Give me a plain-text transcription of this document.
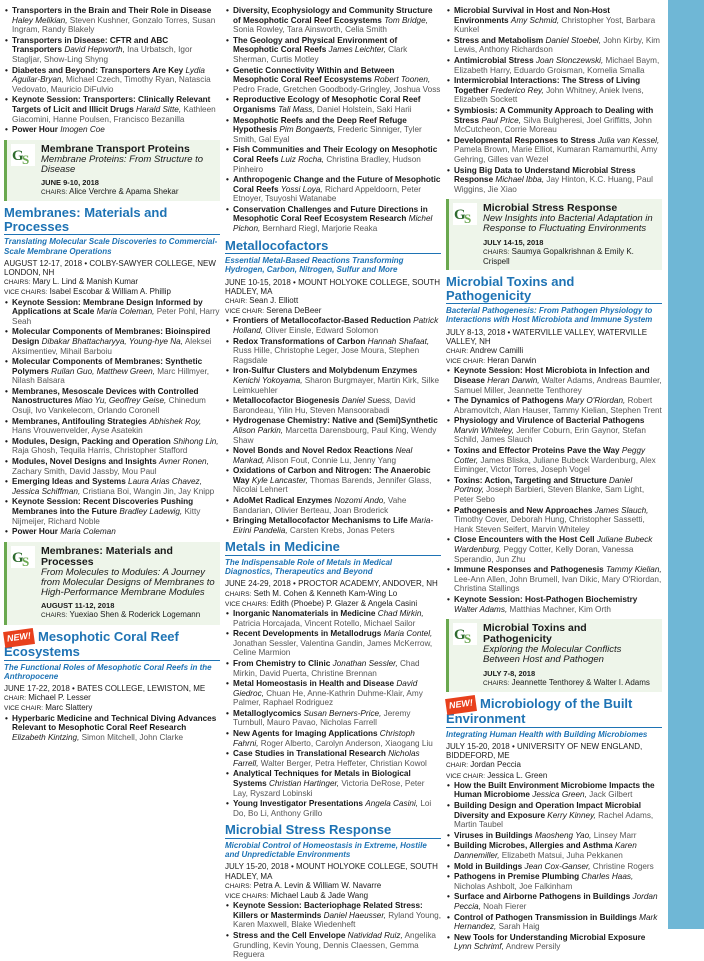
• Transporters in the Brain and Their Role in Disease Haley Melikian, Steven Kushner, Gonzalo Torres, Susan Ingram, Randy Blakely
• Transporters in Disease: CFTR and ABC Transporters David Hepworth, Ina Urbatsch, Igor Stagljar, Show-Ling Shyng
• Diabetes and Beyond: Transporters Are Key Lydia Aguilar-Bryan, Michael Czech, Timothy Ryan, Natascia Vedovato, Mauricio DiFulvio
• Keynote Session: Transporters: Clinically Relevant Targets of Licit and Illicit Drugs Harald Sitte, Kathleen Giacomini, Hanne Poulsen, Francisco Bezanilla
• Power Hour Imogen Coe
G
S
Membrane Transport Proteins
Membrane Proteins: From Structure to Disease
JUNE 9-10, 2018
CHAIRS: Alice Verchre & Apama Shekar
Membranes: Materials and Processes
Translating Molecular Scale Discoveries to Commercial-Scale Membrane Operations
AUGUST 12-17, 2018 • COLBY-SAWYER COLLEGE, NEW LONDON, NH
CHAIRS: Mary L. Lind & Manish Kumar
VICE CHAIRS: Isabel Escobar & William A. Phillip
• Keynote Session: Membrane Design Informed by Applications at Scale Maria Coleman, Peter Pohl, Harry Seah
• Molecular Components of Membranes: Bioinspired Design Dibakar Bhattacharyya, Young-hye Na, Aleksei Aksimentiev, Mihail Barboiu
• Molecular Components of Membranes: Synthetic Polymers Ruilan Guo, Matthew Green, Marc Hillmyer, Nilash Balsara
• Membranes, Mesoscale Devices with Controlled Nanostructures Miao Yu, Geoffrey Geise, Chinedum Osuji, Ivo Vankelecom, Orlando Coronell
• Membranes, Antifouling Strategies Abhishek Roy, Hans Vrouwenvelder, Ayse Asatekin
• Modules, Design, Packing and Operation Shihong Lin, Raja Ghosh, Tequila Harris, Christopher Stafford
• Modules, Novel Designs and Insights Avner Ronen, Zachary Smith, David Jassby, Mou Paul
• Emerging Ideas and Systems Laura Arias Chavez, Jessica Schiffman, Cristiana Boi, Wangin Jin, Jay Knipp
• Keynote Session: Recent Discoveries Pushing Membranes into the Future Bradley Ladewig, Kitty Nijmeijer, Richard Noble
• Power Hour Maria Coleman
G
S
Membranes: Materials and Processes
From Molecules to Modules: A Journey from Molecular Designs of Membranes to High-Performance Membrane Modules
AUGUST 11-12, 2018
CHAIRS: Yuexiao Shen & Roderick Logemann
NEW! Mesophotic Coral Reef Ecosystems
The Functional Roles of Mesophotic Coral Reefs in the Anthropocene
JUNE 17-22, 2018 • BATES COLLEGE, LEWISTON, ME
CHAIR: Michael P. Lesser
VICE CHAIR: Marc Slattery
• Hyperbaric Medicine and Technical Diving Advances Relevant to Mesophotic Coral Reef Research Elizabeth Kintzing, Simon Mitchell, John Clarke
• Diversity, Ecophysiology and Community Structure of Mesophotic Coral Reef Ecosystems Tom Bridge, Sonia Rowley, Tara Ainsworth, Celia Smith
• The Geology and Physical Environment of Mesophotic Coral Reefs James Leichter, Clark Sherman, Curtis Motley
• Genetic Connectivity Within and Between Mesophotic Coral Reef Ecosystems Robert Toonen, Pedro Frade, Gretchen Goodbody-Gringley, Joshua Voss
• Reproductive Ecology of Mesophotic Coral Reef Organisms Tali Mass, Daniel Holstein, Saki Harii
• Mesophotic Reefs and the Deep Reef Refuge Hypothesis Pim Bongaerts, Frederic Sinniger, Tyler Smith, Gal Eyal
• Fish Communities and Their Ecology on Mesophotic Coral Reefs Luiz Rocha, Christina Bradley, Hudson Pinheiro
• Anthropogenic Change and the Future of Mesophotic Coral Reefs Yossi Loya, Richard Appeldoorn, Peter Etnoyer, Tsuyoshi Watanabe
• Conservation Challenges and Future Directions in Mesophotic Coral Reef Ecosystem Research Michel Pichon, Bernhard Riegl, Marjorie Reaka
Metallocofactors
Essential Metal-Based Reactions Transforming Hydrogen, Carbon, Nitrogen, Sulfur and More
JUNE 10-15, 2018 • MOUNT HOLYOKE COLLEGE, SOUTH HADLEY, MA
CHAIR: Sean J. Elliott
VICE CHAIR: Serena DeBeer
• Frontiers of Metallocofactor-Based Reduction Patrick Holland, Oliver Einsle, Edward Solomon
• Redox Transformations of Carbon Hannah Shafaat, Russ Hille, Christophe Leger, Jose Moura, Stephen Ragsdale
• Iron-Sulfur Clusters and Molybdenum Enzymes Kenichi Yokoyama, Sharon Burgmayer, Martin Kirk, Silke Leimkuehler
• Metallocofactor Biogenesis Daniel Suess, David Barondeau, Yilin Hu, Steven Mansoorabadi
• Hydrogenase Chemistry: Native and (Semi)Synthetic Alison Parkin, Marcetta Darensbourg, Paul King, Wendy Shaw
• Novel Bonds and Novel Redox Reactions Neal Mankad, Alison Fout, Connie Lu, Jenny Yang
• Oxidations of Carbon and Nitrogen: The Anaerobic Way Kyle Lancaster, Thomas Barends, Jennifer Glass, Nicolai Lehnert
• AdoMet Radical Enzymes Nozomi Ando, Vahe Bandarian, Olivier Berteau, Joan Broderick
• Bringing Metallocofactor Mechanisms to Life Maria-Eirini Pandelia, Carsten Krebs, Jonas Peters
Metals in Medicine
The Indispensable Role of Metals in Medical Diagnostics, Therapeutics and Beyond
JUNE 24-29, 2018 • PROCTOR ACADEMY, ANDOVER, NH
CHAIRS: Seth M. Cohen & Kenneth Kam-Wing Lo
VICE CHAIRS: Edith (Phoebe) P. Glazer & Angela Casini
• Inorganic Nanomaterials in Medicine Chad Mirkin, Patricia Horcajada, Vincent Rotello, Michael Sailor
• Recent Developments in Metallodrugs Maria Contel, Jonathan Sessler, Valentina Gandin, James McKerrow, Celine Marmion
• From Chemistry to Clinic Jonathan Sessler, Chad Mirkin, David Puerta, Christine Brennan
• Metal Homeostasis in Health and Disease David Giedroc, Chuan He, Anne-Kathrin Duhme-Klair, Amy Palmer, Raphael Rodriguez
• Metalloglycomics Susan Berners-Price, Jeremy Turnbull, Mauro Pavao, Nicholas Farrell
• New Agents for Imaging Applications Christoph Fahrni, Roger Alberto, Carolyn Anderson, Xiaogang Liu
• Case Studies in Translational Research Nicholas Farrell, Walter Berger, Petra Heffeter, Christian Kowol
• Analytical Techniques for Metals in Biological Systems Christian Hartinger, Victoria DeRose, Peter Lay, Ryszard Lobinski
• Young Investigator Presentations Angela Casini, Loi Do, Bo Li, Anthony Grillo
Microbial Stress Response
Microbial Control of Homeostasis in Extreme, Hostile and Unpredictable Environments
JULY 15-20, 2018 • MOUNT HOLYOKE COLLEGE, SOUTH HADLEY, MA
CHAIRS: Petra A. Levin & William W. Navarre
VICE CHAIRS: Michael Laub & Jade Wang
• Keynote Session: Bacteriophage Related Stress: Killers or Masterminds Daniel Haeusser, Ryland Young, Karen Maxwell, Blake Wiedenheft
• Stress and the Cell Envelope Natividad Ruiz, Angelika Grundling, Kevin Young, Dennis Claessen, Gemma Reguera
• Microbial Survival in Host and Non-Host Environments Amy Schmid, Christopher Yost, Barbara Kunkel
• Stress and Metabolism Daniel Stoebel, John Kirby, Kim Lewis, Anthony Richardson
• Antimicrobial Stress Joan Slonczewski, Michael Baym, Elizabeth Harry, Eduardo Groisman, Kornelia Smalla
• Intermicrobial Interactions: The Stress of Living Together Frederico Rey, John Whitney, Aniek Ivens, Elizabeth Sockett
• Symbiosis: A Community Approach to Dealing with Stress Paul Price, Silva Bulgheresi, Joel Griffitts, John McCutcheon, Corrie Moreau
• Developmental Responses to Stress Julia van Kessel, Pamela Brown, Marie Elliot, Kumaran Ramamurthi, Amy Gehring, Gilles van Wezel
• Using Big Data to Understand Microbial Stress Response Michael Ibba, Jay Hinton, K.C. Huang, Paul Wiggins, Jie Xiao
G
S
Microbial Stress Response
New Insights into Bacterial Adaptation in Response to Fluctuating Environments
JULY 14-15, 2018
CHAIRS: Saumya Gopalkrishnan & Emily K. Crispell
Microbial Toxins and Pathogenicity
Bacterial Pathogenesis: From Pathogen Physiology to Interactions with Host Microbiota and Immune System
JULY 8-13, 2018 • WATERVILLE VALLEY, WATERVILLE VALLEY, NH
CHAIR: Andrew Camilli
VICE CHAIR: Heran Darwin
• Keynote Session: Host Microbiota in Infection and Disease Heran Darwin, Walter Adams, Andreas Baumler, Samuel Miller, Jeannette Tenthorey
• The Dynamics of Pathogens Mary O'Riordan, Robert Abramovitch, Alan Hauser, Tammy Kielian, Stephen Trent
• Physiology and Virulence of Bacterial Pathogens Marvin Whiteley, Jenifer Coburn, Erin Gaynor, Stefan Schild, James Slauch
• Toxins and Effector Proteins Pave the Way Peggy Cotter, James Bliska, Juliane Bubeck Wardenburg, Alex Eiminger, Victor Torres, Joseph Vogel
• Toxins: Action, Targeting and Structure Daniel Portnoy, Joseph Barbieri, Steven Blanke, Sam Light, Peter Sebo
• Pathogenesis and New Approaches James Slauch, Timothy Cover, Deborah Hung, Christopher Sassetti, Hank Steven Seifert, Marvin Whiteley
• Close Encounters with the Host Cell Juliane Bubeck Wardenburg, Peggy Cotter, Kelly Doran, Vanessa Sperandio, Jun Zhu
• Immune Responses and Pathogenesis Tammy Kielian, Lee-Ann Allen, John Brumell, Ivan Dikic, Mary O'Riordan, Christina Stallings
• Keynote Session: Host-Pathogen Biochemistry Walter Adams, Matthias Machner, Kim Orth
G
S
Microbial Toxins and Pathogenicity
Exploring the Molecular Conflicts Between Host and Pathogen
JULY 7-8, 2018
CHAIRS: Jeannette Tenthorey & Walter I. Adams
NEW! Microbiology of the Built Environment
Integrating Human Health with Building Microbiomes
JULY 15-20, 2018 • UNIVERSITY OF NEW ENGLAND, BIDDEFORD, ME
CHAIR: Jordan Peccia
VICE CHAIR: Jessica L. Green
• How the Built Environment Microbiome Impacts the Human Microbiome Jessica Green, Jack Gilbert
• Building Design and Operation Impact Microbial Diversity and Exposure Kerry Kinney, Rachel Adams, Martin Taubel
• Viruses in Buildings Maosheng Yao, Linsey Marr
• Building Microbes, Allergies and Asthma Karen Dannemiller, Elizabeth Matsui, Juha Pekkanen
• Mold in Buildings Jean Cox-Ganser, Christine Rogers
• Pathogens in Premise Plumbing Charles Haas, Nicholas Ashbolt, Joe Falkinham
• Surface and Airborne Pathogens in Buildings Jordan Peccia, Noah Fierer
• Control of Pathogen Transmission in Buildings Mark Hernandez, Sarah Haig
• New Tools for Understanding Microbial Exposure Lynn Schrimf, Andrew Persily
